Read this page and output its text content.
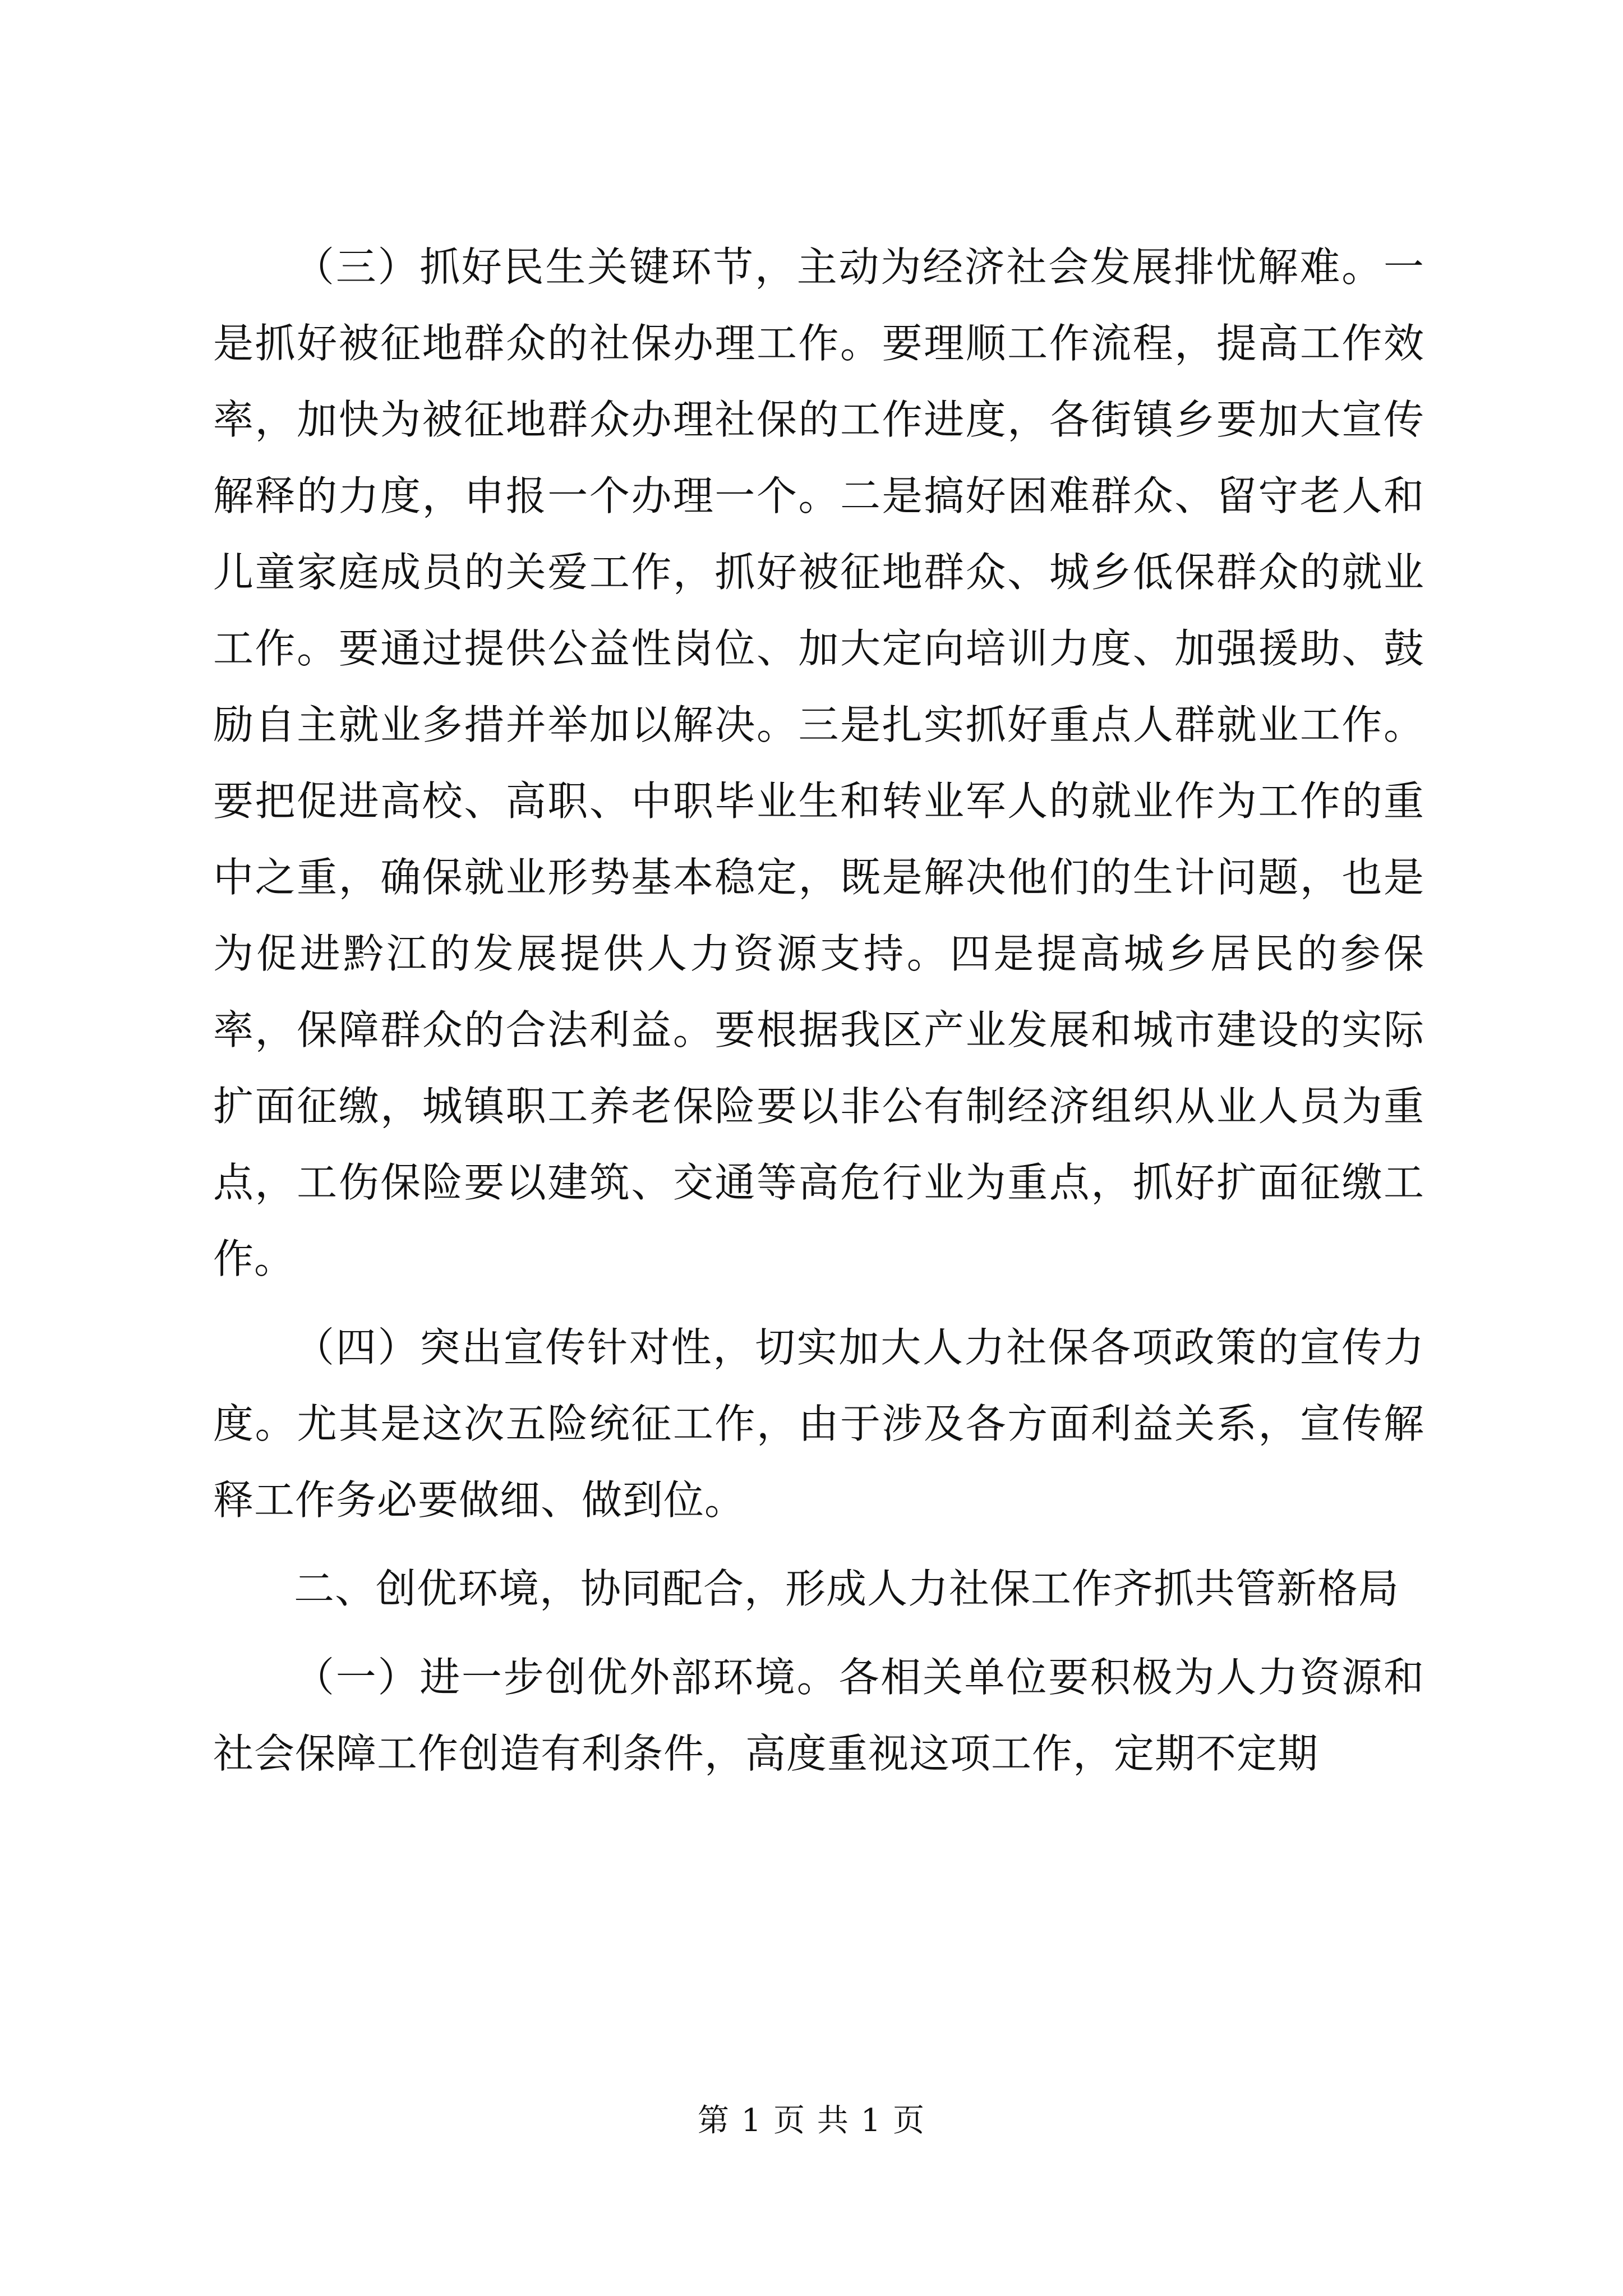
（三）抓好民生关键环节，主动为经济社会发展排忧解难。一是抓好被征地群众的社保办理工作。要理顺工作流程，提高工作效率，加快为被征地群众办理社保的工作进度，各街镇乡要加大宣传解释的力度，申报一个办理一个。二是搞好困难群众、留守老人和儿童家庭成员的关爱工作，抓好被征地群众、城乡低保群众的就业工作。要通过提供公益性岗位、加大定向培训力度、加强援助、鼓励自主就业多措并举加以解决。三是扎实抓好重点人群就业工作。要把促进高校、高职、中职毕业生和转业军人的就业作为工作的重中之重，确保就业形势基本稳定，既是解决他们的生计问题，也是为促进黔江的发展提供人力资源支持。四是提高城乡居民的参保率，保障群众的合法利益。要根据我区产业发展和城市建设的实际扩面征缴，城镇职工养老保险要以非公有制经济组织从业人员为重点，工伤保险要以建筑、交通等高危行业为重点，抓好扩面征缴工作。

（四）突出宣传针对性，切实加大人力社保各项政策的宣传力度。尤其是这次五险统征工作，由于涉及各方面利益关系，宣传解释工作务必要做细、做到位。

二、创优环境，协同配合，形成人力社保工作齐抓共管新格局

（一）进一步创优外部环境。各相关单位要积极为人力资源和社会保障工作创造有利条件，高度重视这项工作，定期不定期

第 1 页 共 1 页
